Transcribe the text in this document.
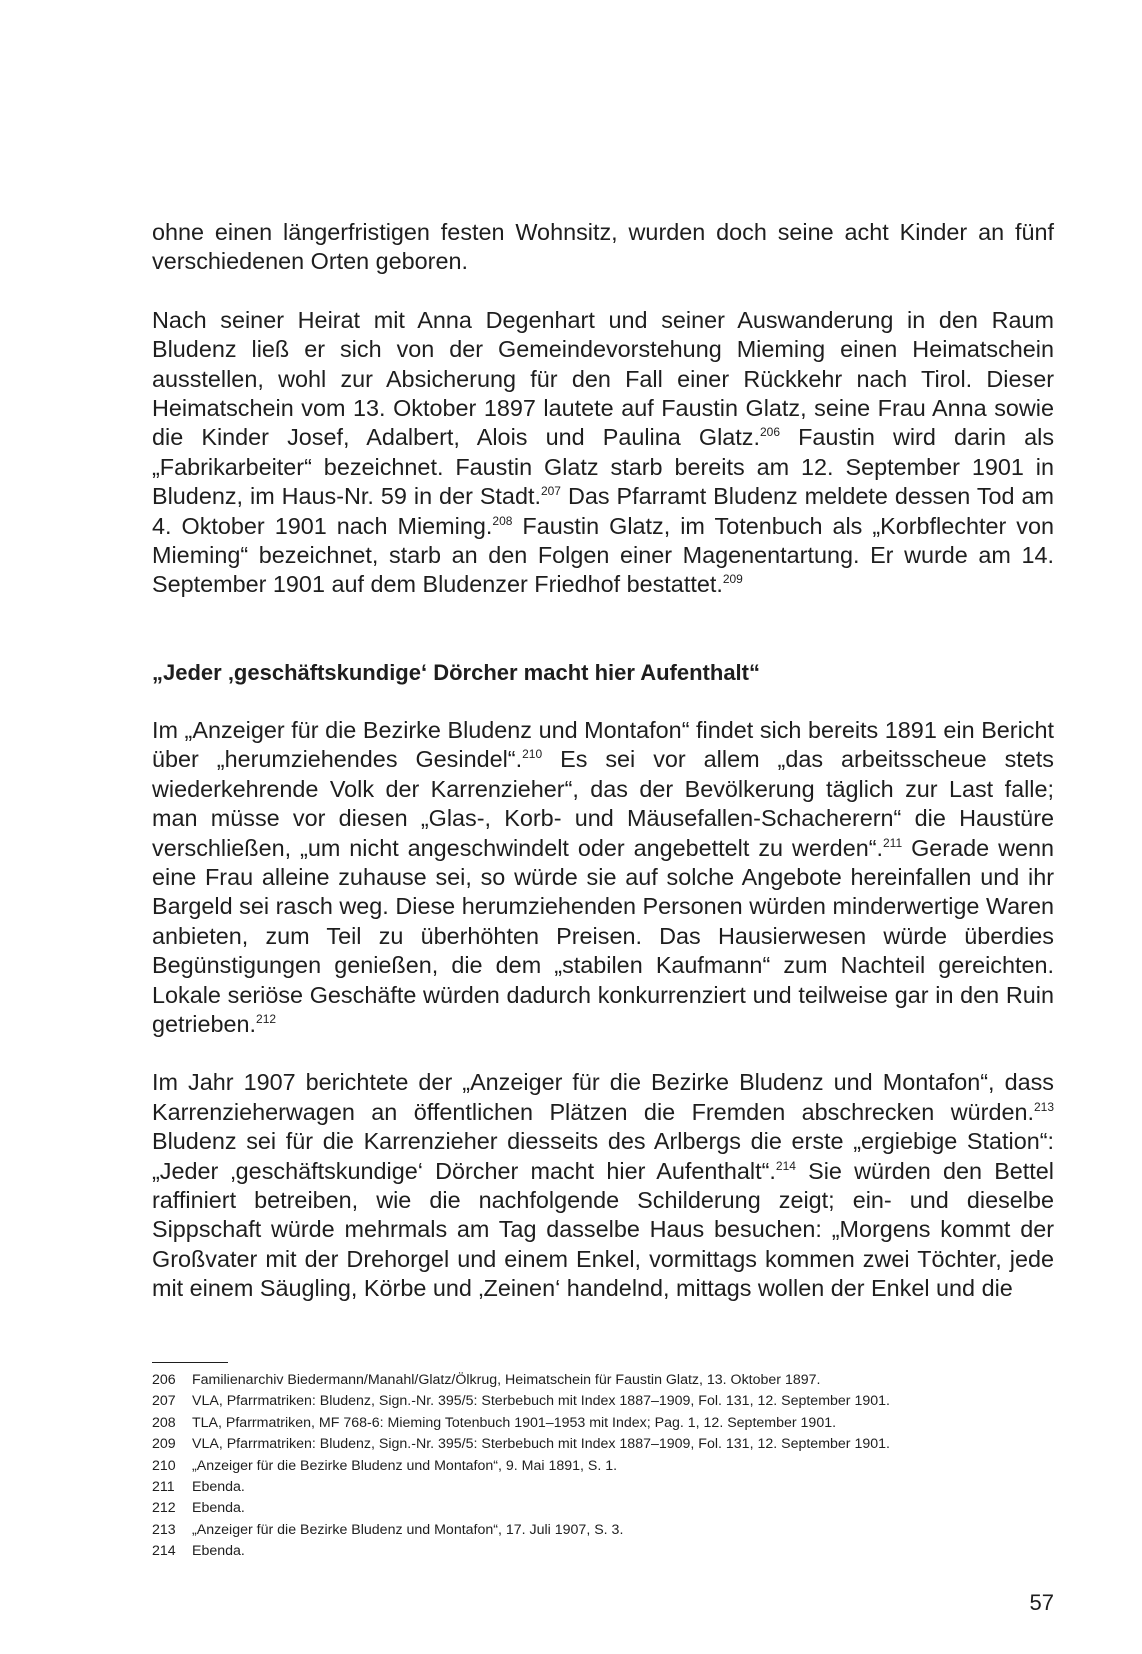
ohne einen längerfristigen festen Wohnsitz, wurden doch seine acht Kinder an fünf verschiedenen Orten geboren.

Nach seiner Heirat mit Anna Degenhart und seiner Auswanderung in den Raum Bludenz ließ er sich von der Gemeindevorstehung Mieming einen Heimatschein ausstellen, wohl zur Absicherung für den Fall einer Rückkehr nach Tirol. Dieser Heimatschein vom 13. Oktober 1897 lautete auf Faustin Glatz, seine Frau Anna sowie die Kinder Josef, Adalbert, Alois und Paulina Glatz.$^{206}$ Faustin wird darin als „Fabrikarbeiter“ bezeichnet. Faustin Glatz starb bereits am 12. September 1901 in Bludenz, im Haus-Nr. 59 in der Stadt.$^{207}$ Das Pfarramt Bludenz meldete dessen Tod am 4. Oktober 1901 nach Mieming.$^{208}$ Faustin Glatz, im Totenbuch als „Korbflechter von Mieming“ bezeichnet, starb an den Folgen einer Magenentartung. Er wurde am 14. September 1901 auf dem Bludenzer Friedhof bestattet.$^{209}$

„Jeder ‚geschäftskundige‘ Dörcher macht hier Aufenthalt“

Im „Anzeiger für die Bezirke Bludenz und Montafon“ findet sich bereits 1891 ein Bericht über „herumziehendes Gesindel“.$^{210}$ Es sei vor allem „das arbeitsscheue stets wiederkehrende Volk der Karrenzieher“, das der Bevölkerung täglich zur Last falle; man müsse vor diesen „Glas-, Korb- und Mäusefallen-Schacherern“ die Haustüre verschließen, „um nicht angeschwindelt oder angebettelt zu werden“.$^{211}$ Gerade wenn eine Frau alleine zuhause sei, so würde sie auf solche Angebote hereinfallen und ihr Bargeld sei rasch weg. Diese herumziehenden Personen würden minderwertige Waren anbieten, zum Teil zu überhöhten Preisen. Das Hausierwesen würde überdies Begünstigungen genießen, die dem „stabilen Kaufmann“ zum Nachteil gereichten. Lokale seriöse Geschäfte würden dadurch konkurrenziert und teilweise gar in den Ruin getrieben.$^{212}$

Im Jahr 1907 berichtete der „Anzeiger für die Bezirke Bludenz und Montafon“, dass Karrenzieherwagen an öffentlichen Plätzen die Fremden abschrecken würden.$^{213}$ Bludenz sei für die Karrenzieher diesseits des Arlbergs die erste „ergiebige Station“: „Jeder ‚geschäftskundige‘ Dörcher macht hier Aufenthalt“.$^{214}$ Sie würden den Bettel raffiniert betreiben, wie die nachfolgende Schilderung zeigt; ein- und dieselbe Sippschaft würde mehrmals am Tag dasselbe Haus besuchen: „Morgens kommt der Großvater mit der Drehorgel und einem Enkel, vormittags kommen zwei Töchter, jede mit einem Säugling, Körbe und ‚Zeinen‘ handelnd, mittags wollen der Enkel und die

206	Familienarchiv Biedermann/Manahl/Glatz/Ölkrug, Heimatschein für Faustin Glatz, 13. Oktober 1897.
207	VLA, Pfarrmatriken: Bludenz, Sign.-Nr. 395/5: Sterbebuch mit Index 1887–1909, Fol. 131, 12. September 1901.
208	TLA, Pfarrmatriken, MF 768-6: Mieming Totenbuch 1901–1953 mit Index; Pag. 1, 12. September 1901.
209	VLA, Pfarrmatriken: Bludenz, Sign.-Nr. 395/5: Sterbebuch mit Index 1887–1909, Fol. 131, 12. September 1901.
210	„Anzeiger für die Bezirke Bludenz und Montafon“, 9. Mai 1891, S. 1.
211	Ebenda.
212	Ebenda.
213	„Anzeiger für die Bezirke Bludenz und Montafon“, 17. Juli 1907, S. 3.
214	Ebenda.
57
